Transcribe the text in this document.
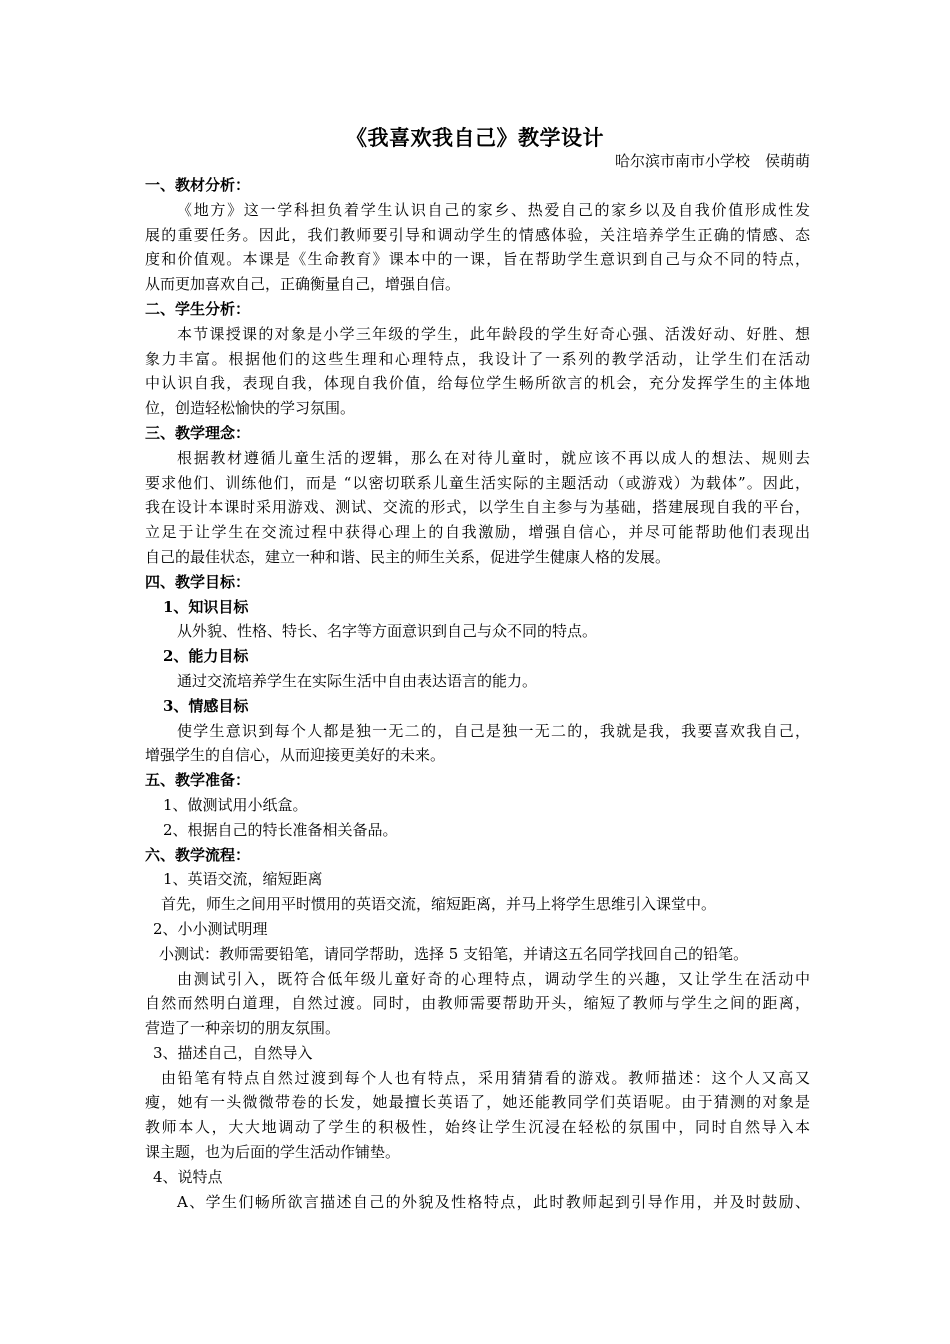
《我喜欢我自己》教学设计
哈尔滨市南市小学校　侯萌萌
一、教材分析：
《地方》这一学科担负着学生认识自己的家乡、热爱自己的家乡以及自我价值形成性发
展的重要任务。因此，我们教师要引导和调动学生的情感体验，关注培养学生正确的情感、态
度和价值观。本课是《生命教育》课本中的一课，旨在帮助学生意识到自己与众不同的特点，
从而更加喜欢自己，正确衡量自己，增强自信。
二、学生分析：
本节课授课的对象是小学三年级的学生，此年龄段的学生好奇心强、活泼好动、好胜、想
象力丰富。根据他们的这些生理和心理特点，我设计了一系列的教学活动，让学生们在活动
中认识自我，表现自我，体现自我价值，给每位学生畅所欲言的机会，充分发挥学生的主体地
位，创造轻松愉快的学习氛围。
三、教学理念：
根据教材遵循儿童生活的逻辑，那么在对待儿童时，就应该不再以成人的想法、规则去
要求他们、训练他们，而是 “以密切联系儿童生活实际的主题活动（或游戏）为载体”。因此，
我在设计本课时采用游戏、测试、交流的形式，以学生自主参与为基础，搭建展现自我的平台，
立足于让学生在交流过程中获得心理上的自我激励，增强自信心，并尽可能帮助他们表现出
自己的最佳状态，建立一种和谐、民主的师生关系，促进学生健康人格的发展。
四、教学目标：
1、知识目标
从外貌、性格、特长、名字等方面意识到自己与众不同的特点。
2、能力目标
通过交流培养学生在实际生活中自由表达语言的能力。
3、情感目标
使学生意识到每个人都是独一无二的，自己是独一无二的，我就是我，我要喜欢我自己，
增强学生的自信心，从而迎接更美好的未来。
五、教学准备：
1、做测试用小纸盒。
2、根据自己的特长准备相关备品。
六、教学流程：
1、英语交流，缩短距离
首先，师生之间用平时惯用的英语交流，缩短距离，并马上将学生思维引入课堂中。
2、小小测试明理
小测试：教师需要铅笔，请同学帮助，选择 5 支铅笔，并请这五名同学找回自己的铅笔。
由测试引入，既符合低年级儿童好奇的心理特点，调动学生的兴趣，又让学生在活动中
自然而然明白道理，自然过渡。同时，由教师需要帮助开头，缩短了教师与学生之间的距离，
营造了一种亲切的朋友氛围。
3、描述自己，自然导入
由铅笔有特点自然过渡到每个人也有特点，采用猜猜看的游戏。教师描述：这个人又高又
瘦，她有一头微微带卷的长发，她最擅长英语了，她还能教同学们英语呢。由于猜测的对象是
教师本人，大大地调动了学生的积极性，始终让学生沉浸在轻松的氛围中，同时自然导入本
课主题，也为后面的学生活动作铺垫。
4、说特点
A、学生们畅所欲言描述自己的外貌及性格特点，此时教师起到引导作用，并及时鼓励、
